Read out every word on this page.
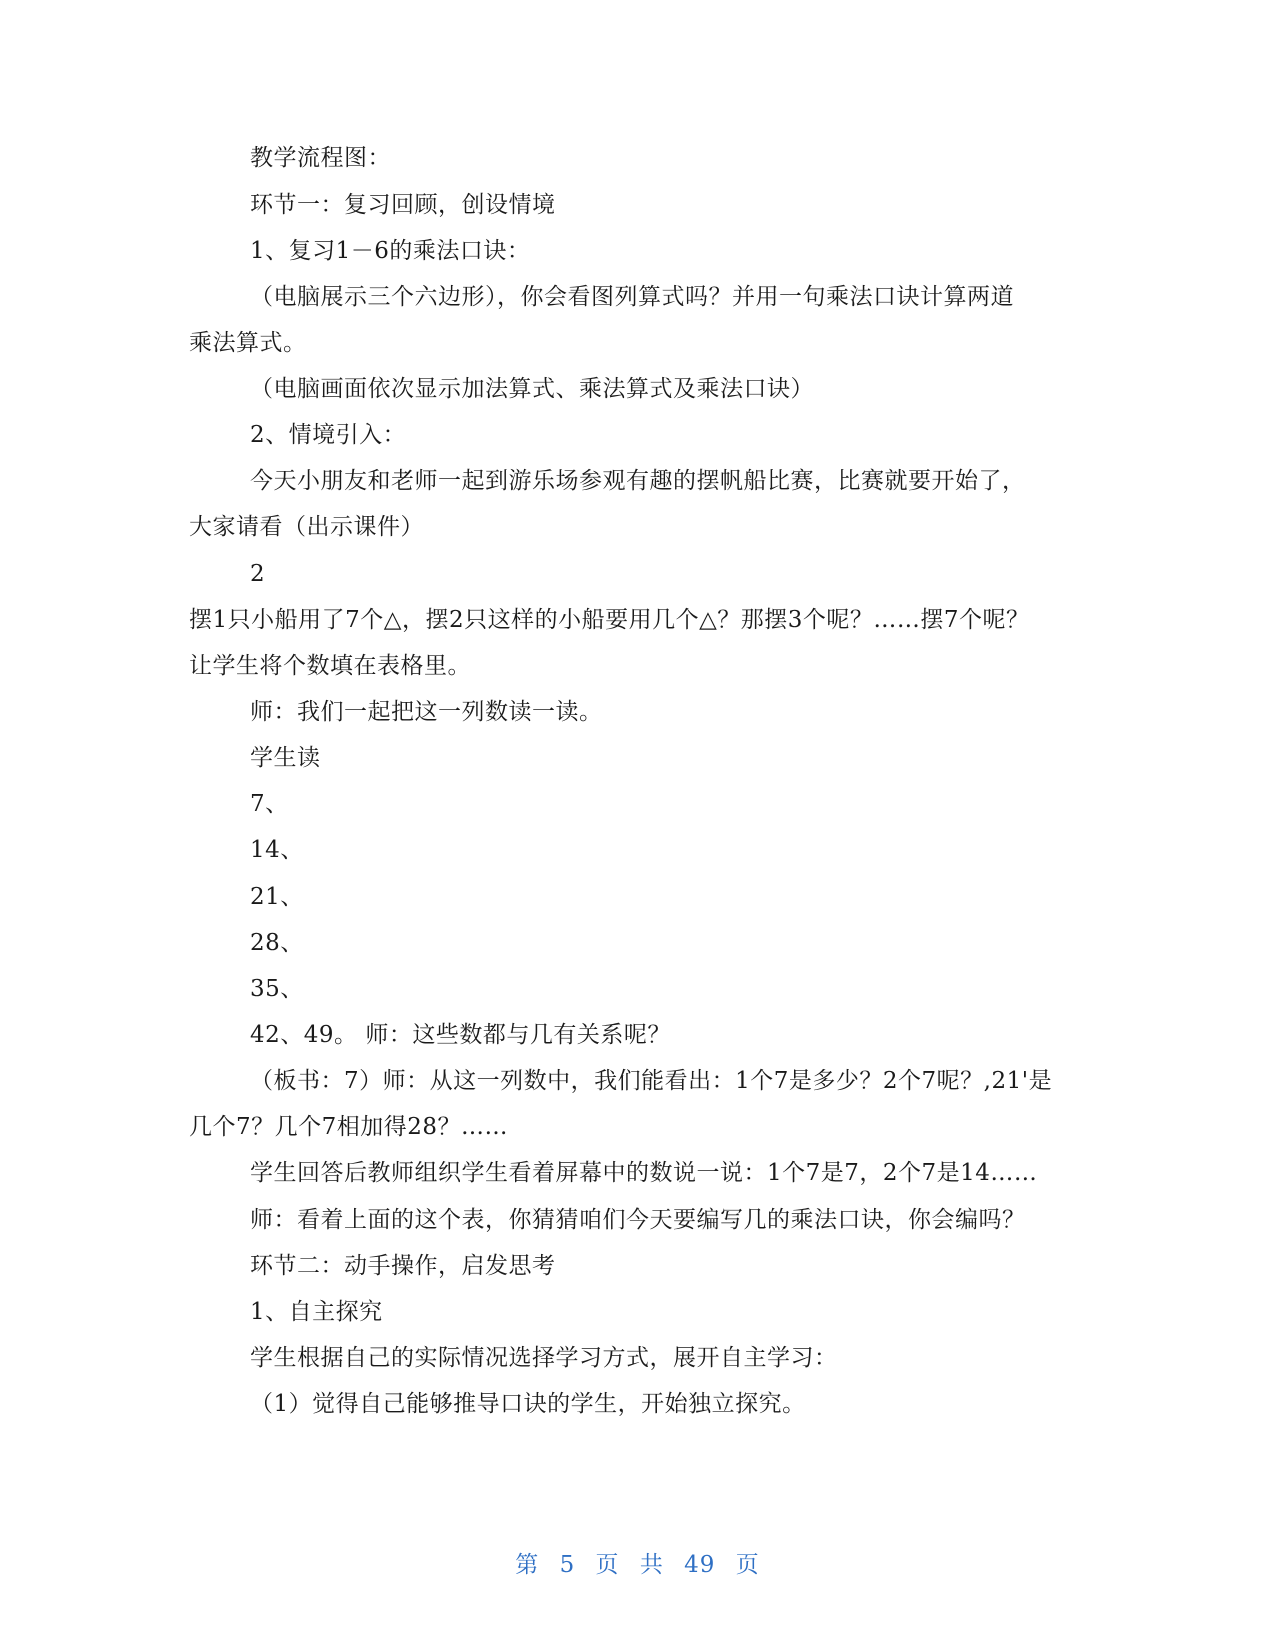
教学流程图：
环节一：复习回顾，创设情境
1、复习1－6的乘法口诀：
（电脑展示三个六边形），你会看图列算式吗？并用一句乘法口诀计算两道
乘法算式。
（电脑画面依次显示加法算式、乘法算式及乘法口诀）
2、情境引入：
今天小朋友和老师一起到游乐场参观有趣的摆帆船比赛，比赛就要开始了，
大家请看（出示课件）
2
摆1只小船用了7个△，摆2只这样的小船要用几个△？那摆3个呢？……摆7个呢？
让学生将个数填在表格里。
师：我们一起把这一列数读一读。
学生读
7、
14、
21、
28、
35、
42、49。 师：这些数都与几有关系呢？
（板书：7）师：从这一列数中，我们能看出：1个7是多少？2个7呢？,21'是
几个7？几个7相加得28？……
学生回答后教师组织学生看着屏幕中的数说一说：1个7是7，2个7是14……
师：看着上面的这个表，你猜猜咱们今天要编写几的乘法口诀，你会编吗？
环节二：动手操作，启发思考
1、自主探究
学生根据自己的实际情况选择学习方式，展开自主学习：
（1）觉得自己能够推导口诀的学生，开始独立探究。
第 5 页 共 49 页
